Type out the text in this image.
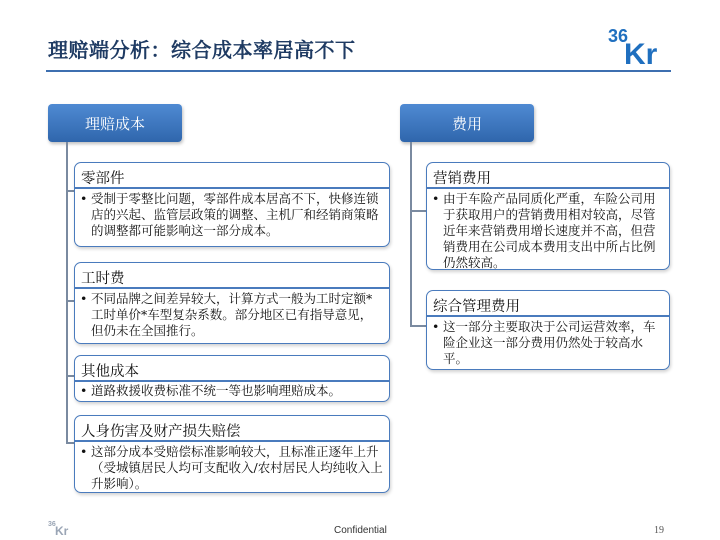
理赔端分析：综合成本率居高不下
36
Kr
理赔成本	费用
零部件
• 受制于零整比问题，零部件成本居高不下，快修连锁店的兴起、监管层政策的调整、主机厂和经销商策略的调整都可能影响这一部分成本。
工时费
• 不同品牌之间差异较大，计算方式一般为工时定额*工时单价*车型复杂系数。部分地区已有指导意见，但仍未在全国推行。
其他成本
• 道路救援收费标准不统一等也影响理赔成本。
人身伤害及财产损失赔偿
• 这部分成本受赔偿标准影响较大，且标准正逐年上升（受城镇居民人均可支配收入/农村居民人均纯收入上升影响）。
营销费用
• 由于车险产品同质化严重，车险公司用于获取用户的营销费用相对较高，尽管近年来营销费用增长速度并不高，但营销费用在公司成本费用支出中所占比例仍然较高。
综合管理费用
• 这一部分主要取决于公司运营效率，车险企业这一部分费用仍然处于较高水平。
36 Kr	Confidential	19
